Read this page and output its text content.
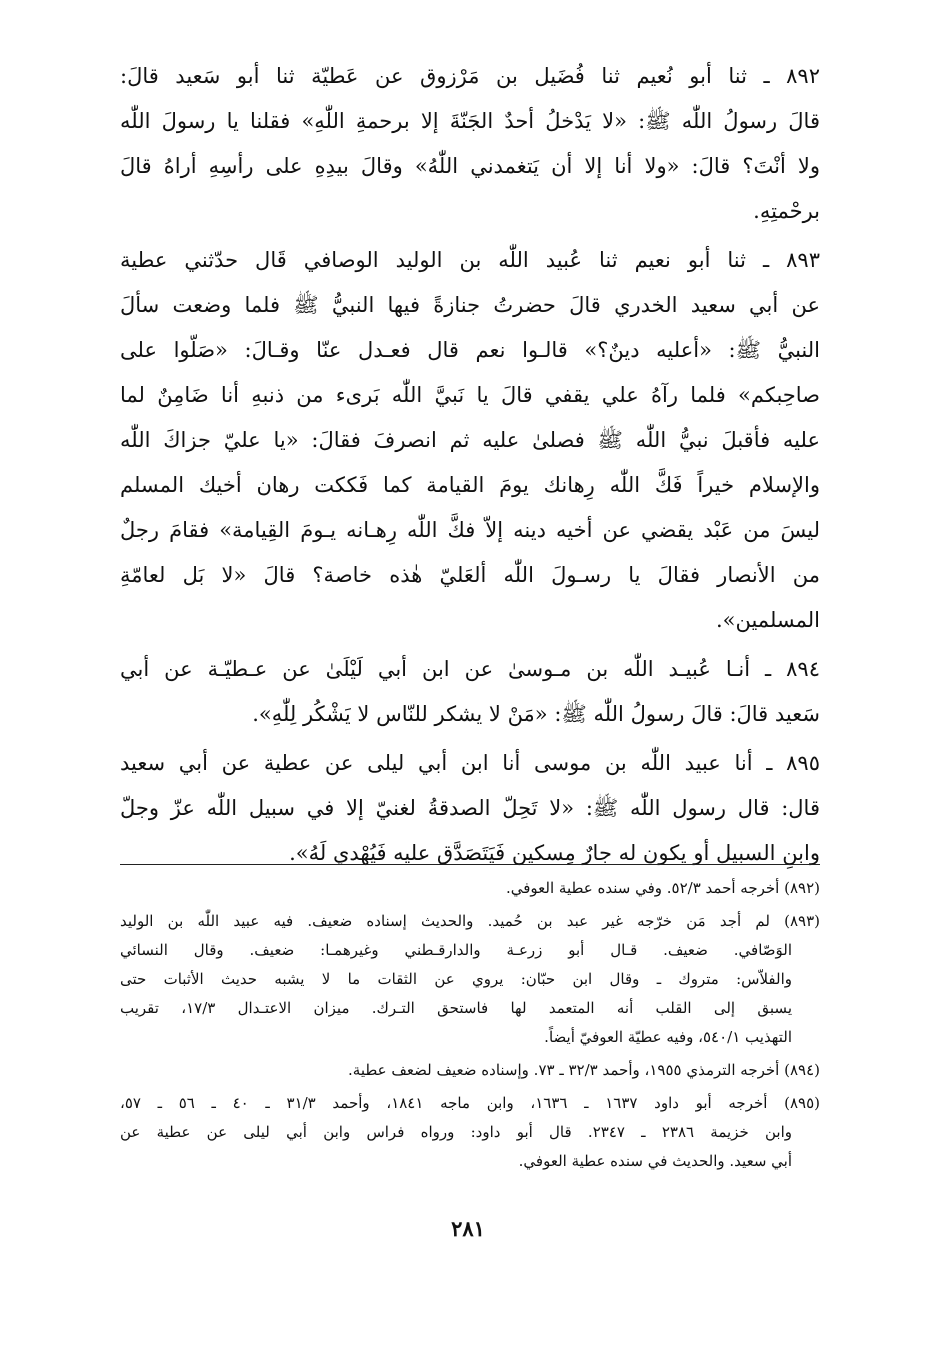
٨٩٢ ـ ثنا أبو نُعيم ثنا فُضَيل بن مَرْزوق عن عَطيّة ثنا أبو سَعيد قالَ:
قالَ رسولُ اللّٰه ﷺ: «لا يَدْخلُ أحدٌ الجَنّةَ إلا برحمةِ اللّٰهِ» فقلنا يا رسولَ اللّٰه
ولا أنْتَ؟ قالَ: «ولا أنا إلا أن يَتغمدني اللّٰهُ» وقالَ بيدِهِ على رأسِهِ أراهُ قالَ
برحْمتِهِ.
٨٩٣ ـ ثنا أبو نعيم ثنا عُبيد اللّٰه بن الوليد الوصافي قَال حدّثني عطية
عن أبي سعيد الخدري قالَ حضرتُ جنازةً فيها النبيُّ ﷺ فلما وضعت سألَ
النبيُّ ﷺ: «أعليه دينٌ؟» قالـوا نعم قال فعـدل عنّا وقـالَ: «صَلّوا على
صاحِبكم» فلما رآهُ علي يقفي قالَ يا نَبيَّ اللّٰه بَرىء من ذنبهِ أنا ضَامِنٌ لما
عليه فأقبلَ نبيُّ اللّٰه ﷺ فصلىٰ عليه ثم انصرفَ فقالَ: «يا عليّ جزاكَ اللّٰه
والإسلام خيراً فَكَّ اللّٰه رِهانك يومَ القيامة كما فَككت رهان أخيك المسلم
ليسَ من عَبْد يقضي عن أخيه دينه إلاّ فكَّ اللّٰه رِهـانه يـومَ القِيامة» فقامَ رجلٌ
من الأنصار فقالَ يا رسـولَ اللّٰه ألعَليّ هٰذه خاصة؟ قالَ «لا بَل لعامّةِ
المسلمين».
٨٩٤ ـ أنـا عُبيـد اللّٰه بن مـوسىٰ عن ابن أبي لَيْلَىٰ عن عـطيّـة عن أبي
سَعيد قالَ: قالَ رسولُ اللّٰه ﷺ: «مَنْ لا يشكر للنّاس لا يَشْكُر لِلّٰهِ».
٨٩٥ ـ أنا عبيد اللّٰه بن موسى أنا ابن أبي ليلى عن عطية عن أبي سعيد
قال: قال رسول اللّٰه ﷺ: «لا تَحِلّ الصدقةُ لغنيّ إلا في سبيل اللّٰه عزّ وجلّ
وابنِ السبيل أو يكون له جارٌ مِسكين فَيَتَصَدَّق عليه فَيُهْدي لَهُ».
(٨٩٢) أخرجه أحمد ٥٢/٣. وفي سنده عطية العوفي.
(٨٩٣) لم أجد مَن خرّجه غير عبد بن حُميد. والحديث إسناده ضعيف. فيه عبيد اللّٰه بن الوليد
الوَصّافي. ضعيف. قـال أبو زرعـة والدارقـطني وغيرهمـا: ضعيف. وقال النسائي
والفلاّس: متروك ـ وقال ابن حبّان: يروي عن الثقات ما لا يشبه حديث الأثبات حتى
يسبق إلى القلب أنه المتعمد لها فاستحق التـرك. ميزان الاعتـدال ١٧/٣، تقريب
التهذيب ٥٤٠/١، وفيه عطيّة العوفيّ أيضاً.
(٨٩٤) أخرجه الترمذي ١٩٥٥، وأحمد ٣٢/٣ ـ ٧٣. وإسناده ضعيف لضعف عطية.
(٨٩٥) أخرجه أبو داود ١٦٣٧ ـ ١٦٣٦، وابن ماجه ١٨٤١، وأحمد ٣١/٣ ـ ٤٠ ـ ٥٦ ـ ٥٧،
وابن خزيمة ٢٣٨٦ ـ ٢٣٤٧. قال أبو داود: ورواه فراس وابن أبي ليلى عن عطية عن
أبي سعيد. والحديث في سنده عطية العوفي.
٢٨١
